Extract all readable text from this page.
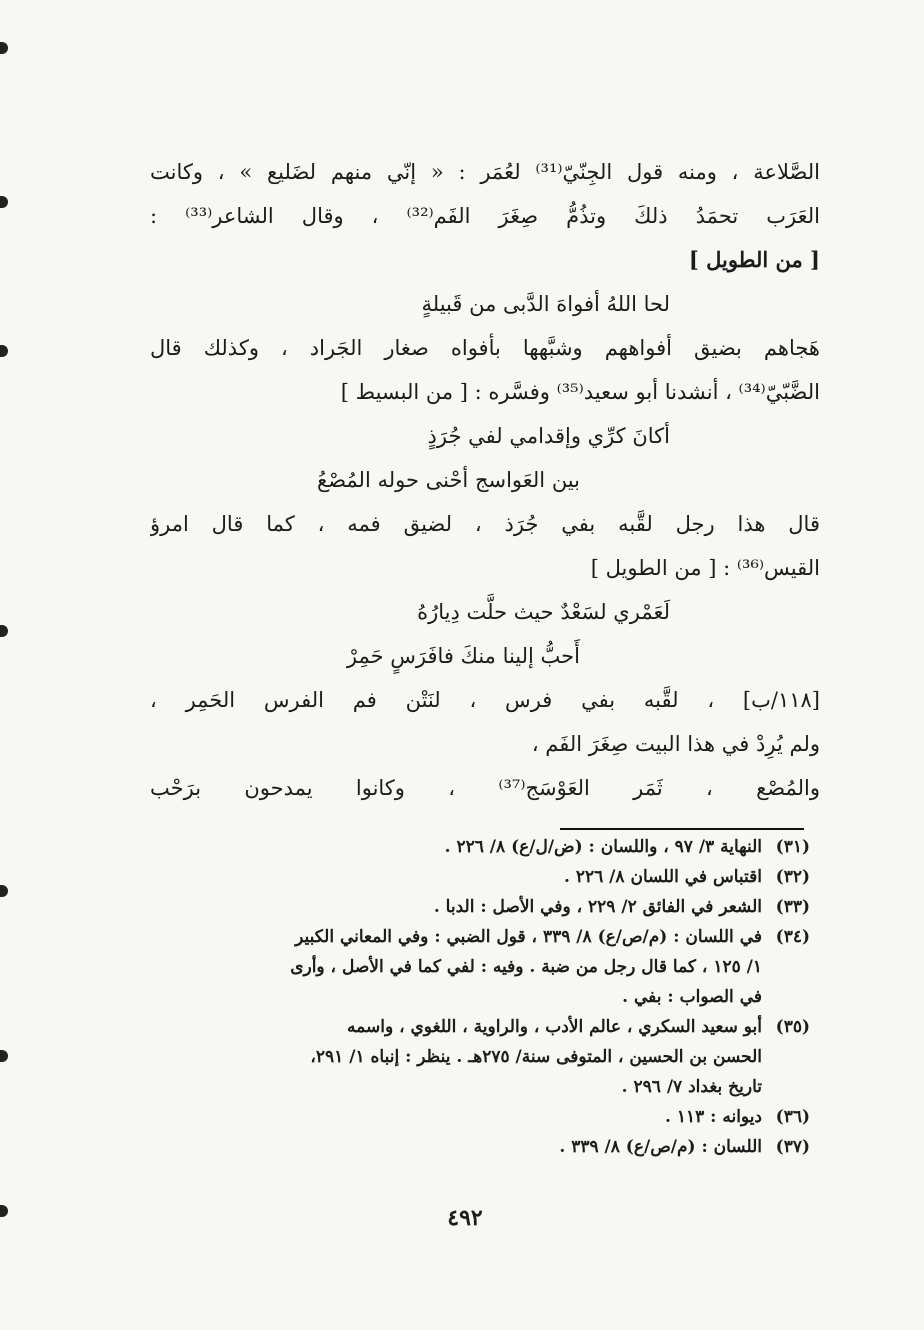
الصَّلاعة ، ومنه قول الجِنّيّ⁽³¹⁾ لعُمَر : « إنّي منهم لضَليع » ، وكانت
العَرَب تحمَدُ ذلكَ وتذُمُّ صِغَرَ الفَم⁽³²⁾ ، وقال الشاعر⁽³³⁾ :
[ من الطويل ]
لحا اللهُ أفواهَ الدَّبى من قَبيلةٍ
هَجاهم بضيق أفواههم وشبَّهها بأفواه صغار الجَراد ، وكذلك قال
الضَّبّيّ⁽³⁴⁾ ، أنشدنا أبو سعيد⁽³⁵⁾ وفسَّره : [ من البسيط ]
أكانَ كرِّي وإقدامي لفي جُرَذٍ
بين العَواسج أحْنى حوله المُصْعُ
قال هذا رجل لقَّبه بفي جُرَذ ، لضيق فمه ، كما قال امرؤ
القيس⁽³⁶⁾ : [ من الطويل ]
لَعَمْري لسَعْدٌ حيث حلَّت دِيارُهُ
أَحبُّ إلينا منكَ فافَرَسٍ حَمِرْ
[١١٨/ب] ، لقَّبه بفي فرس ، لنَتْن فم الفرس الحَمِر ،
ولم يُرِدْ في هذا البيت صِغَرَ الفَم ،
والمُصْع ، ثَمَر العَوْسَج⁽³⁷⁾ ، وكانوا يمدحون برَحْب
(٣١)
النهاية ٣/ ٩٧ ، واللسان : (ض/ل/ع) ٨/ ٢٢٦ .
(٣٢)
اقتباس في اللسان ٨/ ٢٢٦ .
(٣٣)
الشعر في الفائق ٢/ ٢٢٩ ، وفي الأصل : الدبا .
(٣٤)
في اللسان : (م/ص/ع) ٨/ ٣٣٩ ، قول الضبي : وفي المعاني الكبير
١/ ١٢٥ ، كما قال رجل من ضبة . وفيه : لفي كما في الأصل ، وأرى
في الصواب : بفي .
(٣٥)
أبو سعيد السكري ، عالم الأدب ، والراوية ، اللغوي ، واسمه
الحسن بن الحسين ، المتوفى سنة/ ٢٧٥هـ . ينظر : إنباه ١/ ٢٩١،
تاريخ بغداد ٧/ ٢٩٦ .
(٣٦)
ديوانه : ١١٣ .
(٣٧)
اللسان : (م/ص/ع) ٨/ ٣٣٩ .
٤٩٢
